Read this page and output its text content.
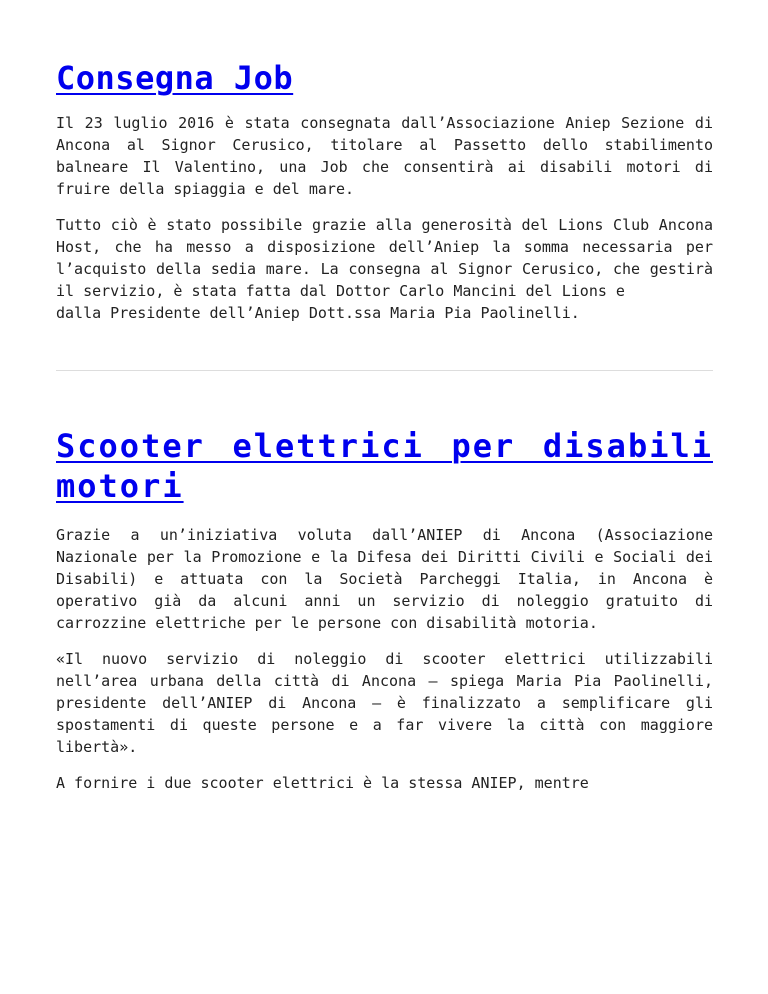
Consegna Job

Il 23 luglio 2016 è stata consegnata dall’Associazione Aniep Sezione di Ancona al Signor Cerusico, titolare al Passetto dello stabilimento balneare Il Valentino, una Job che consentirà ai disabili motori di fruire della spiaggia e del mare.

Tutto ciò è stato possibile grazie alla generosità del Lions Club Ancona Host, che ha messo a disposizione dell’Aniep la somma necessaria per l’acquisto della sedia mare. La consegna al Signor Cerusico, che gestirà il servizio, è stata fatta dal Dottor Carlo Mancini del Lions e
dalla Presidente dell’Aniep Dott.ssa Maria Pia Paolinelli.

Scooter elettrici per disabili motori

Grazie a un’iniziativa voluta dall’ANIEP di Ancona (Associazione Nazionale per la Promozione e la Difesa dei Diritti Civili e Sociali dei Disabili) e attuata con la Società Parcheggi Italia, in Ancona è operativo già da alcuni anni un servizio di noleggio gratuito di carrozzine elettriche per le persone con disabilità motoria.

«Il nuovo servizio di noleggio di scooter elettrici utilizzabili nell’area urbana della città di Ancona – spiega Maria Pia Paolinelli, presidente dell’ANIEP di Ancona – è finalizzato a semplificare gli spostamenti di queste persone e a far vivere la città con maggiore libertà».

A fornire i due scooter elettrici è la stessa ANIEP, mentre
